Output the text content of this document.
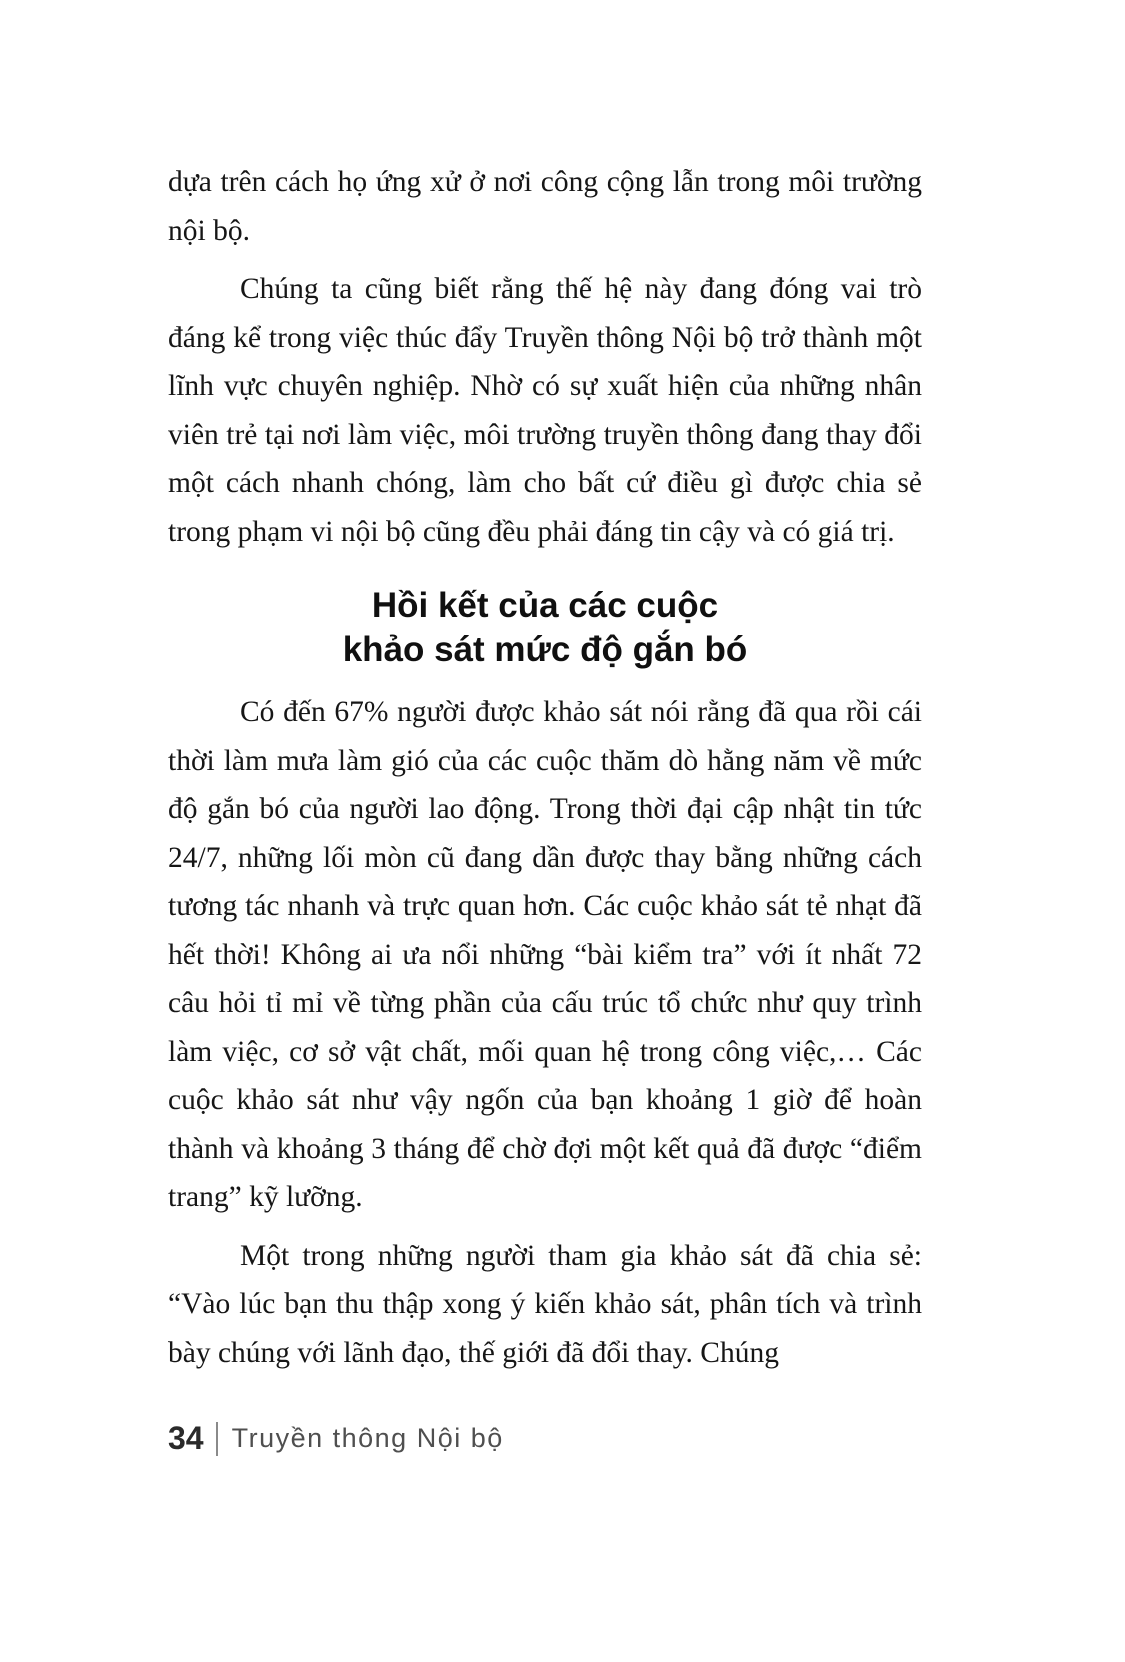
dựa trên cách họ ứng xử ở nơi công cộng lẫn trong môi trường nội bộ.

Chúng ta cũng biết rằng thế hệ này đang đóng vai trò đáng kể trong việc thúc đẩy Truyền thông Nội bộ trở thành một lĩnh vực chuyên nghiệp. Nhờ có sự xuất hiện của những nhân viên trẻ tại nơi làm việc, môi trường truyền thông đang thay đổi một cách nhanh chóng, làm cho bất cứ điều gì được chia sẻ trong phạm vi nội bộ cũng đều phải đáng tin cậy và có giá trị.

Hồi kết của các cuộc
khảo sát mức độ gắn bó

Có đến 67% người được khảo sát nói rằng đã qua rồi cái thời làm mưa làm gió của các cuộc thăm dò hằng năm về mức độ gắn bó của người lao động. Trong thời đại cập nhật tin tức 24/7, những lối mòn cũ đang dần được thay bằng những cách tương tác nhanh và trực quan hơn. Các cuộc khảo sát tẻ nhạt đã hết thời! Không ai ưa nổi những “bài kiểm tra” với ít nhất 72 câu hỏi tỉ mỉ về từng phần của cấu trúc tổ chức như quy trình làm việc, cơ sở vật chất, mối quan hệ trong công việc,… Các cuộc khảo sát như vậy ngốn của bạn khoảng 1 giờ để hoàn thành và khoảng 3 tháng để chờ đợi một kết quả đã được “điểm trang” kỹ lưỡng.

Một trong những người tham gia khảo sát đã chia sẻ: “Vào lúc bạn thu thập xong ý kiến khảo sát, phân tích và trình bày chúng với lãnh đạo, thế giới đã đổi thay. Chúng

34 Truyền thông Nội bộ
